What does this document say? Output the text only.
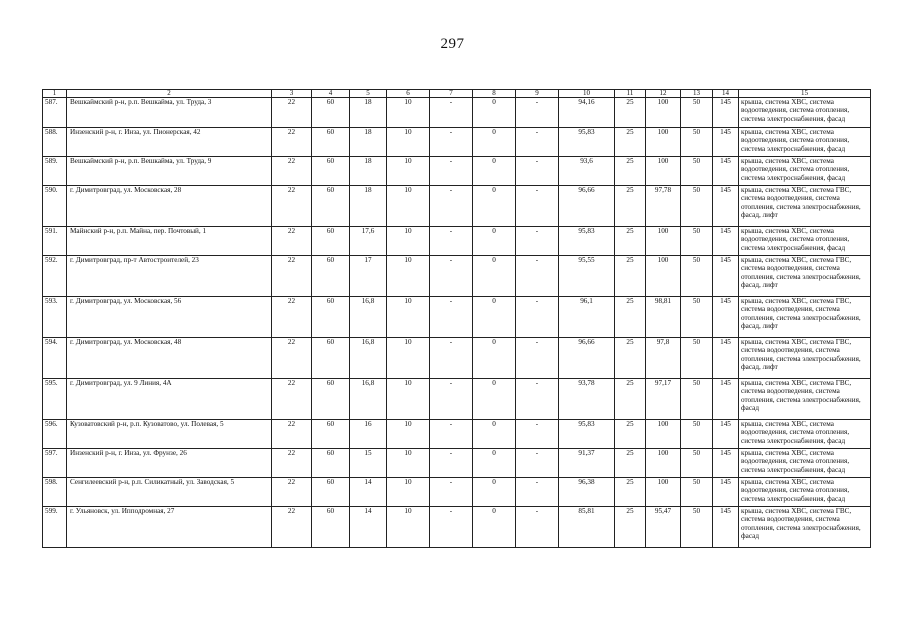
297
1	2	3	4	5	6	7	8	9	10	11	12	13	14	15
587.	Вешкаймский р-н, р.п. Вешкайма, ул. Труда, 3	22	60	18	10	-	0	-	94,16	25	100	50	145	крыша, система ХВС, система водоотведения, система отопления, система электроснабжения, фасад
588.	Инзенский р-н, г. Инза, ул. Пионерская, 42	22	60	18	10	-	0	-	95,83	25	100	50	145	крыша, система ХВС, система водоотведения, система отопления, система электроснабжения, фасад
589.	Вешкаймский р-н, р.п. Вешкайма, ул. Труда, 9	22	60	18	10	-	0	-	93,6	25	100	50	145	крыша, система ХВС, система водоотведения, система отопления, система электроснабжения, фасад
590.	г. Димитровград, ул. Московская, 28	22	60	18	10	-	0	-	96,66	25	97,78	50	145	крыша, система ХВС, система ГВС, система водоотведения, система отопления, система электроснабжения, фасад, лифт
591.	Майнский р-н, р.п. Майна, пер. Почтовый, 1	22	60	17,6	10	-	0	-	95,83	25	100	50	145	крыша, система ХВС, система водоотведения, система отопления, система электроснабжения, фасад
592.	г. Димитровград, пр-т Автостроителей, 23	22	60	17	10	-	0	-	95,55	25	100	50	145	крыша, система ХВС, система ГВС, система водоотведения, система отопления, система электроснабжения, фасад, лифт
593.	г. Димитровград, ул. Московская, 56	22	60	16,8	10	-	0	-	96,1	25	98,81	50	145	крыша, система ХВС, система ГВС, система водоотведения, система отопления, система электроснабжения, фасад, лифт
594.	г. Димитровград, ул. Московская, 48	22	60	16,8	10	-	0	-	96,66	25	97,8	50	145	крыша, система ХВС, система ГВС, система водоотведения, система отопления, система электроснабжения, фасад, лифт
595.	г. Димитровград, ул. 9 Линия, 4А	22	60	16,8	10	-	0	-	93,78	25	97,17	50	145	крыша, система ХВС, система ГВС, система водоотведения, система отопления, система электроснабжения, фасад
596.	Кузоватовский р-н, р.п. Кузоватово, ул. Полевая, 5	22	60	16	10	-	0	-	95,83	25	100	50	145	крыша, система ХВС, система водоотведения, система отопления, система электроснабжения, фасад
597.	Инзенский р-н, г. Инза, ул. Фрунзе, 26	22	60	15	10	-	0	-	91,37	25	100	50	145	крыша, система ХВС, система водоотведения, система отопления, система электроснабжения, фасад
598.	Сенгилеевский р-н, р.п. Силикатный, ул. Заводская, 5	22	60	14	10	-	0	-	96,38	25	100	50	145	крыша, система ХВС, система водоотведения, система отопления, система электроснабжения, фасад
599.	г. Ульяновск, ул. Ипподромная, 27	22	60	14	10	-	0	-	85,81	25	95,47	50	145	крыша, система ХВС, система ГВС, система водоотведения, система отопления, система электроснабжения, фасад
